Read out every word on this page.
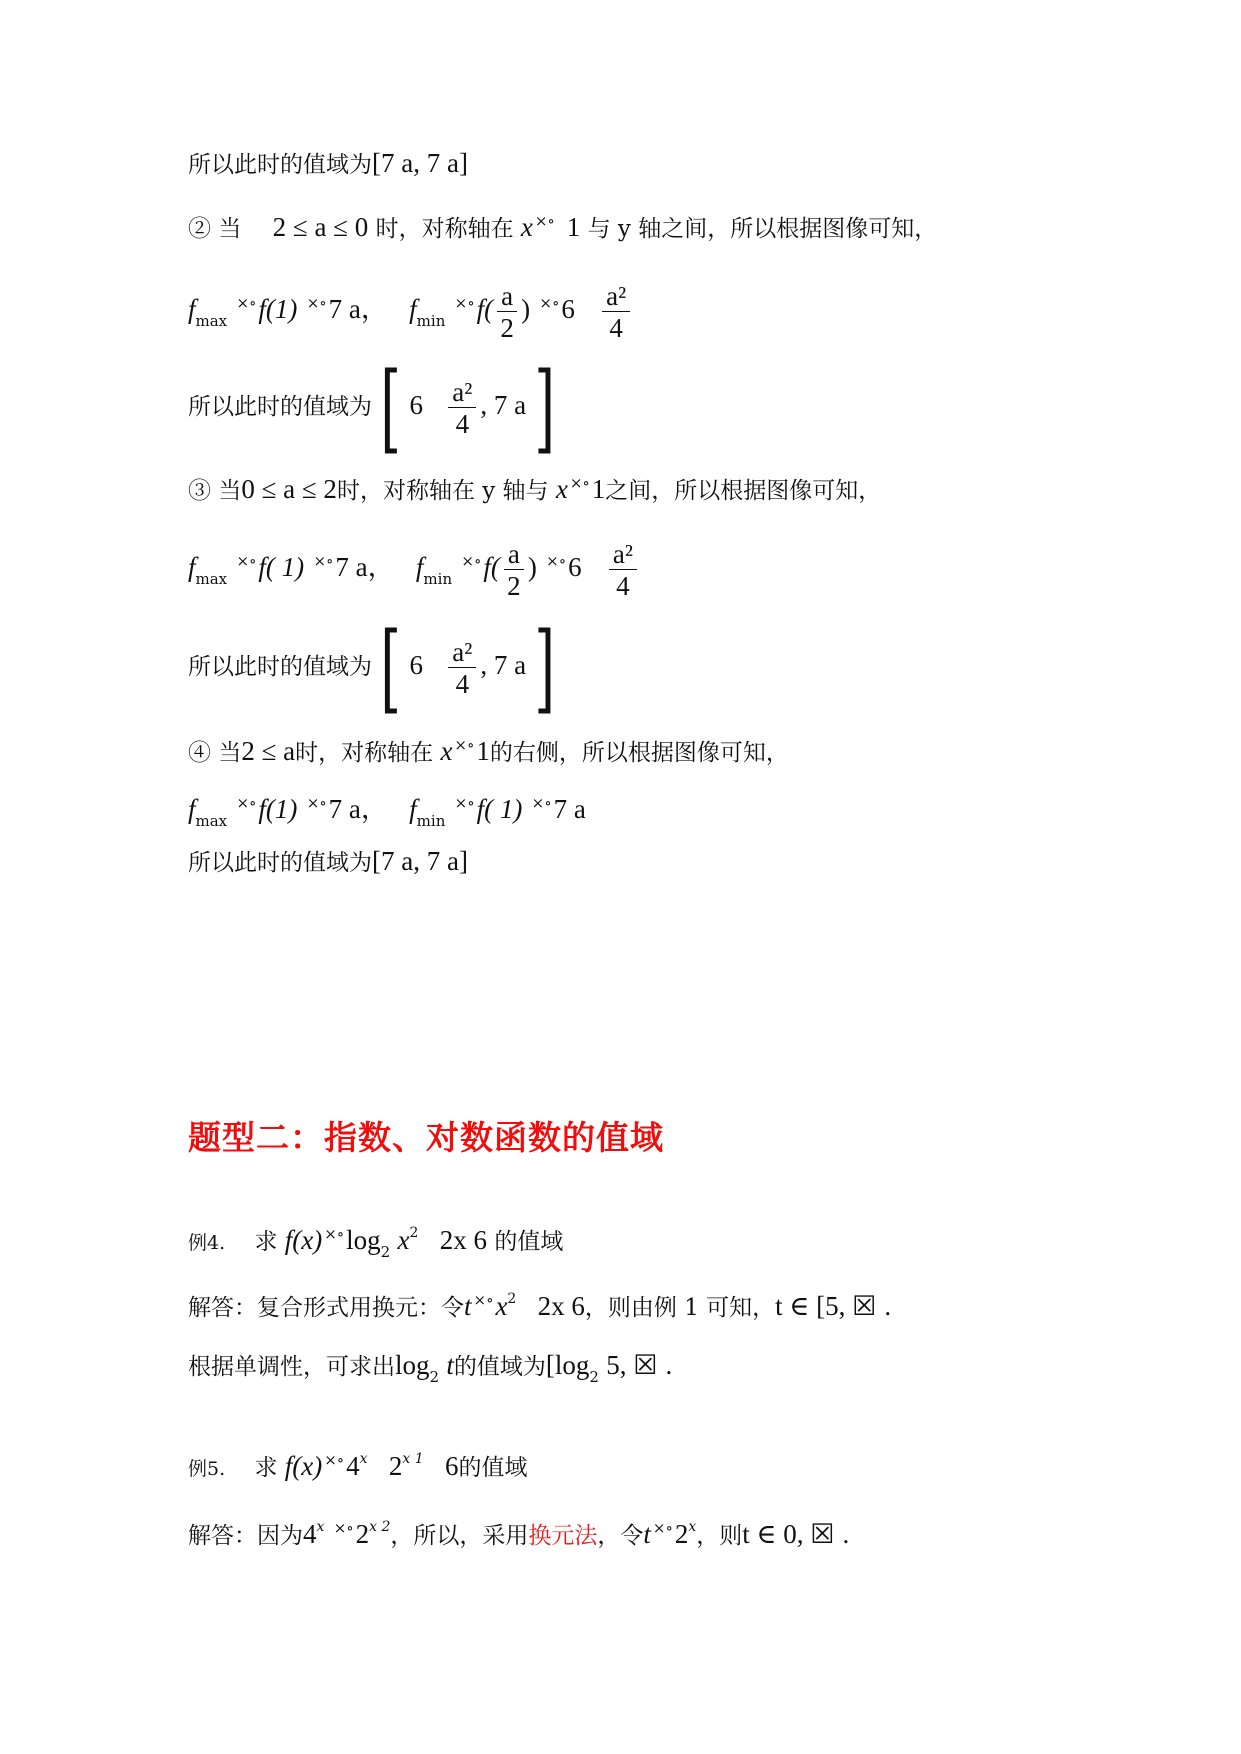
所以此时的值域为[7 a, 7 a]
② 当 2 ≤ a ≤ 0 时，对称轴在 x ×∘ 1 与 y 轴之间，所以根据图像可知，
$f_{max}$ ×∘f(1) ×∘7 a， $f_{min}$ $^{\times\circ}f( \frac{a}{2}$ ) $^{\times\circ}6 \frac{\text{a²}}{4}$
所以此时的值域为[ $6 \frac{\text{a²}}{4}$ , 7 a]
③ 当0 ≤ a ≤ 2时，对称轴在 y 轴与 x ×∘1之间，所以根据图像可知，
$f_{max}$ ×∘f( 1) ×∘7 a， $f_{min}$ $^{\times\circ}f( \frac{a}{2}$ ) $^{\times\circ}6 \frac{\text{a²}}{4}$
所以此时的值域为[ $6 \frac{\text{a²}}{4}$ , 7 a]
④ 当2 ≤ a时，对称轴在 x ×∘1的右侧，所以根据图像可知，
$f_{max}$ ×∘f(1) ×∘7 a， $f_{min}$ ×∘f( 1) ×∘7 a
所以此时的值域为[7 a, 7 a]
题型二：指数、对数函数的值域
例4. 求 f(x) $^{\times\circ}\log_2$ $x^2$ 2x 6 的值域
解答：复合形式用换元：令t $^{\times\circ}x^2$ 2x 6，则由例 1 可知，t ∈ [5, ☒ .
根据单调性，可求出$\log_2 t$的值域为[$\log_2$ 5, ☒ .
例5. 求 f(x) ×∘4$^x$ $2^{x 1}$ 6的值域
解答：因为4$^x$ $^{\times\circ}2^{x 2}$，所以，采用换元法，令t ×∘2$^x$，则t ∈ 0, ☒ .
